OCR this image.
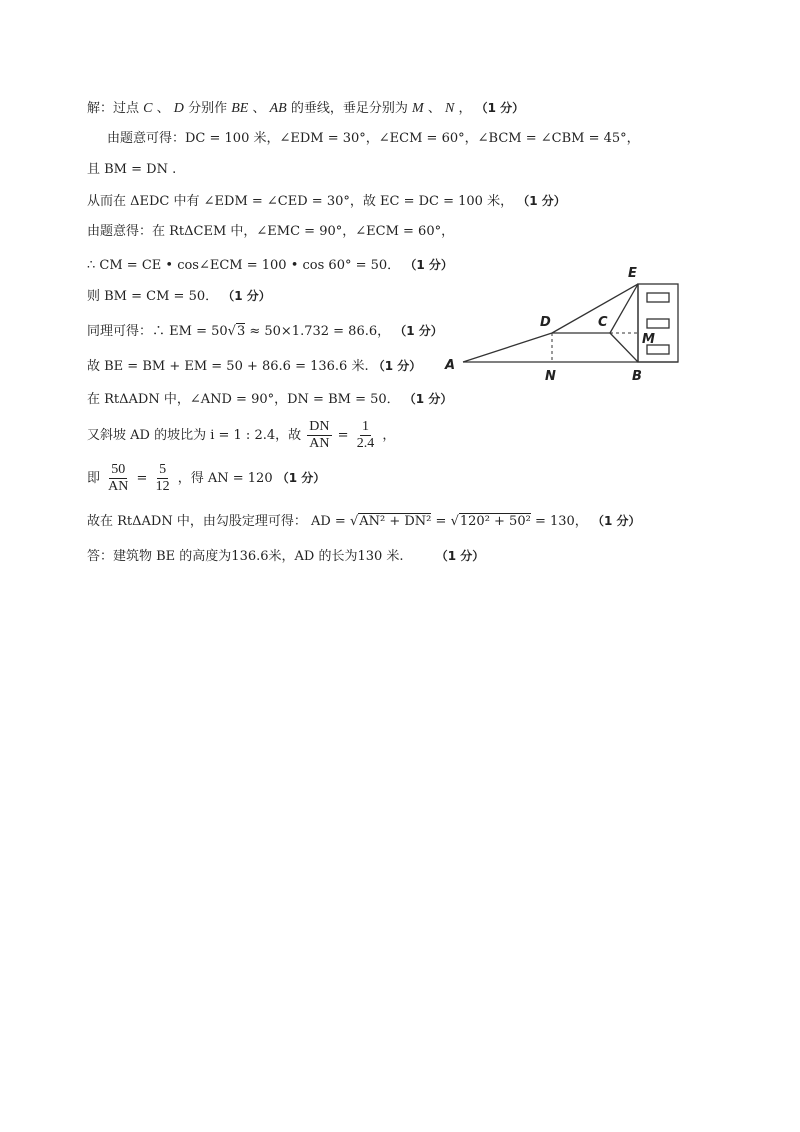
解：过点 C 、 D 分别作 BE 、 AB 的垂线，垂足分别为 M 、 N ， （1 分）
由题意可得：DC = 100 米，∠EDM = 30°，∠ECM = 60°，∠BCM = ∠CBM = 45°，
且 BM = DN .
从而在 ΔEDC 中有 ∠EDM = ∠CED = 30°，故 EC = DC = 100 米， （1 分）
由题意得：在 RtΔCEM 中，∠EMC = 90°，∠ECM = 60°，
∴ CM = CE • cos∠ECM = 100 • cos 60° = 50． （1 分）
则 BM = CM = 50． （1 分）
同理可得：∴ EM = 50√3 ≈ 50×1.732 = 86.6， （1 分）
故 BE = BM + EM = 50 + 86.6 = 136.6 米. （1 分）
在 RtΔADN 中，∠AND = 90°，DN = BM = 50． （1 分）
又斜坡 AD 的坡比为 i = 1 : 2.4，故 $\frac{DN}{AN} = \frac{1}{2.4}$ ，
即 $\frac{50}{AN} = \frac{5}{12}$ ，得 AN = 120 （1 分）
故在 RtΔADN 中，由勾股定理可得： AD = √AN² + DN² = √120² + 50² = 130， （1 分）
答：建筑物 BE 的高度为136.6米，AD 的长为130 米.	（1 分）
A
D
N
C
E
M
B
